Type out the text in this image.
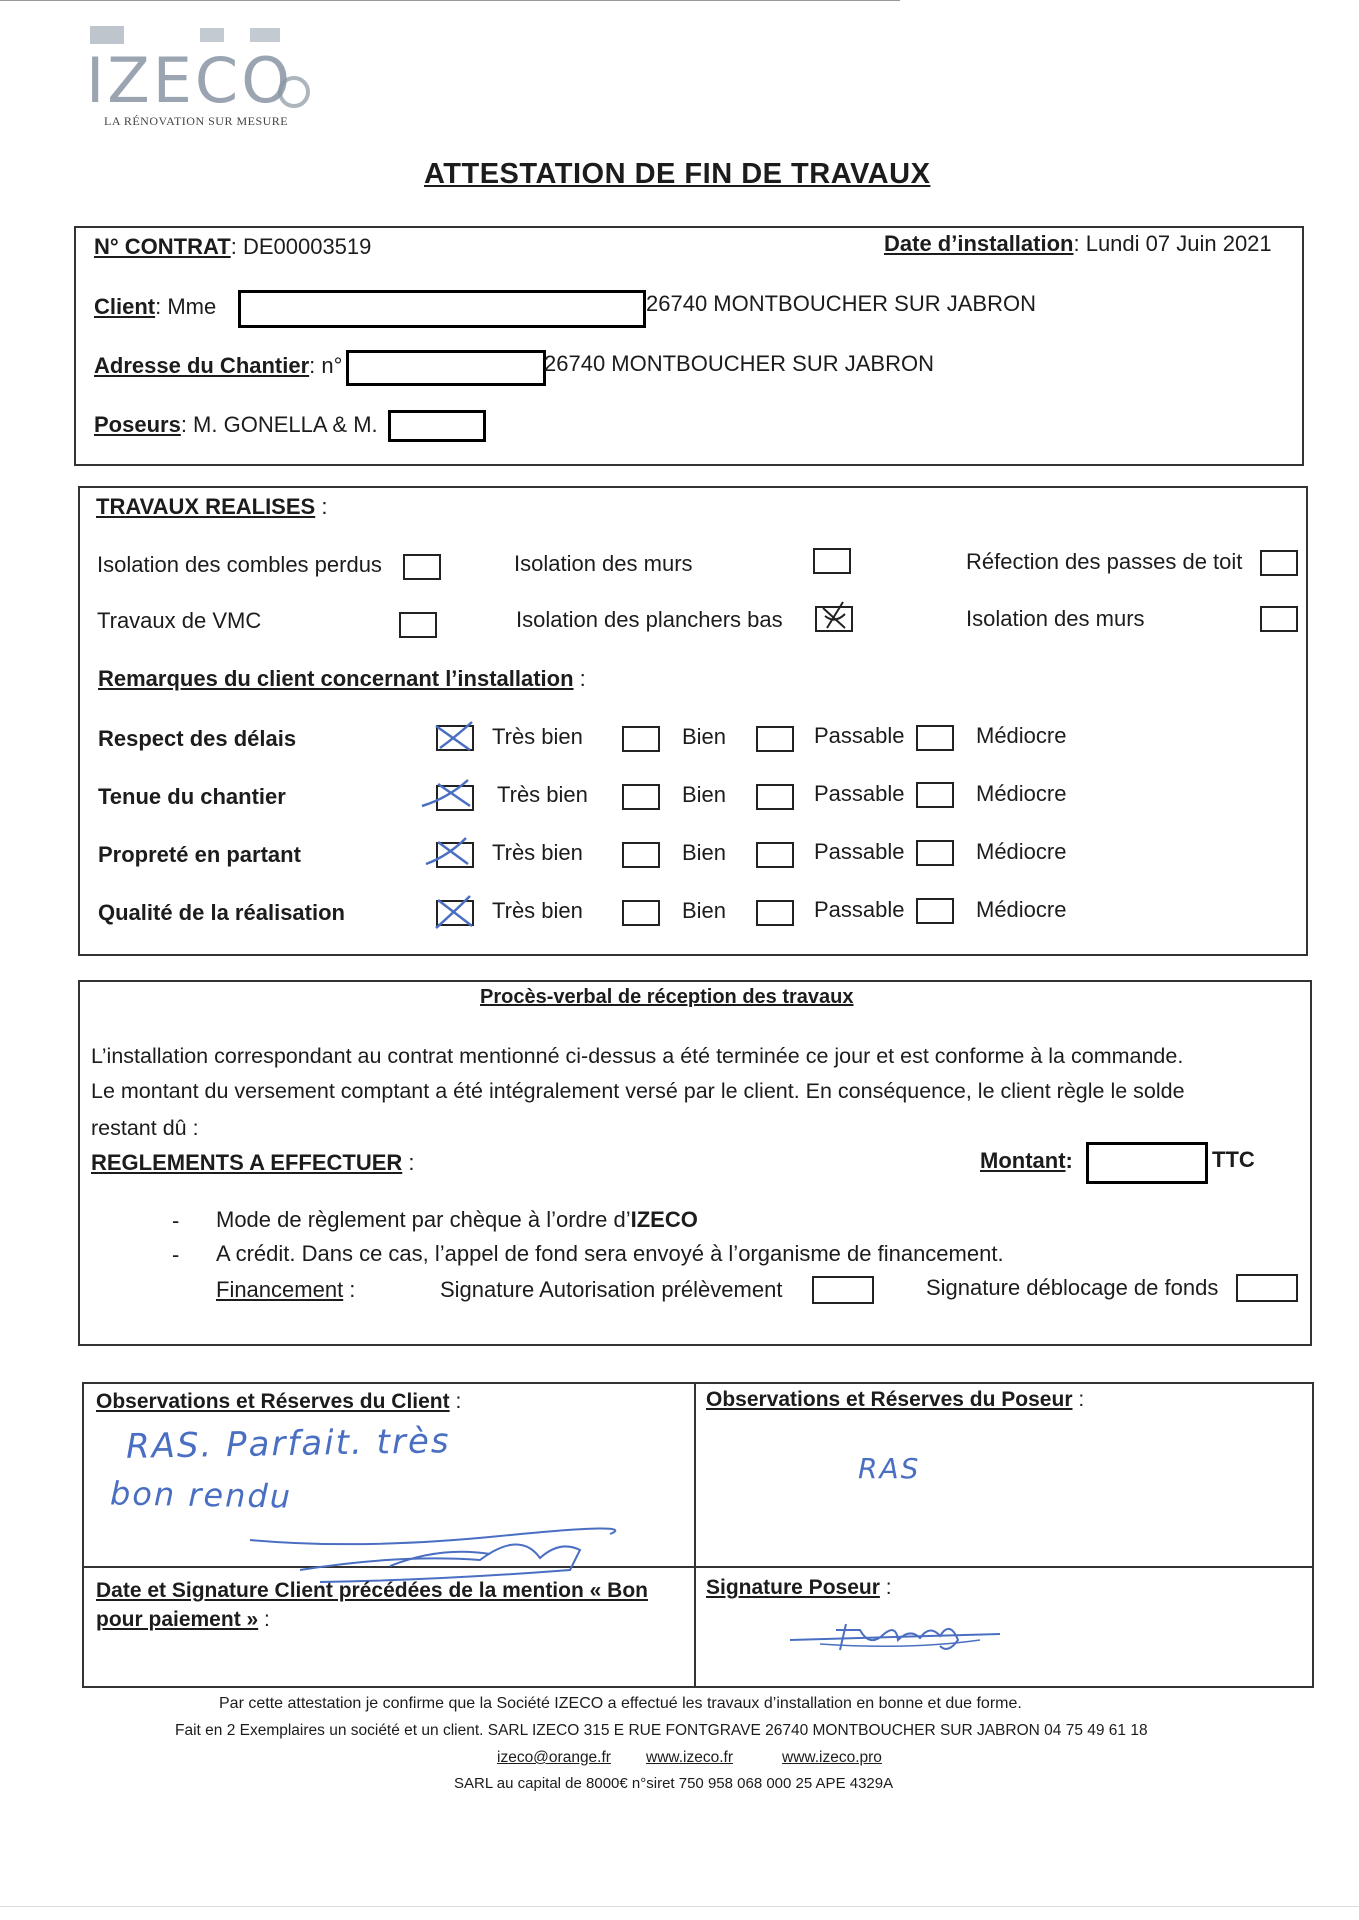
IZECO
LA RÉNOVATION SUR MESURE
ATTESTATION DE FIN DE TRAVAUX
N° CONTRAT: DE00003519	Date d’installation: Lundi 07 Juin 2021
Client: Mme	26740 MONTBOUCHER SUR JABRON
Adresse du Chantier: n°	26740 MONTBOUCHER SUR JABRON
Poseurs: M. GONELLA & M.
TRAVAUX REALISES :
Isolation des combles perdus	Isolation des murs	Réfection des passes de toit
Travaux de VMC	Isolation des planchers bas	Isolation des murs
Remarques du client concernant l’installation :
Respect des délais	Très bien	Bien	Passable	Médiocre
Tenue du chantier	Très bien	Bien	Passable	Médiocre
Propreté en partant	Très bien	Bien	Passable	Médiocre
Qualité de la réalisation	Très bien	Bien	Passable	Médiocre
Procès-verbal de réception des travaux
L’installation correspondant au contrat mentionné ci-dessus a été terminée ce jour et est conforme à la commande.
Le montant du versement comptant a été intégralement versé par le client. En conséquence, le client règle le solde
restant dû :
REGLEMENTS A EFFECTUER :	Montant:	TTC
- Mode de règlement par chèque à l’ordre d’IZECO
- A crédit. Dans ce cas, l’appel de fond sera envoyé à l’organisme de financement.
Financement :	Signature Autorisation prélèvement	Signature déblocage de fonds
Observations et Réserves du Client :
RAS. Parfait. très
bon rendu
Observations et Réserves du Poseur :
RAS
Date et Signature Client précédées de la mention « Bon
pour paiement » :
Signature Poseur :
Par cette attestation je confirme que la Société IZECO a effectué les travaux d’installation en bonne et due forme.
Fait en 2 Exemplaires un société et un client. SARL IZECO 315 E RUE FONTGRAVE 26740 MONTBOUCHER SUR JABRON 04 75 49 61 18
izeco@orange.fr www.izeco.fr	www.izeco.pro
SARL au capital de 8000€ n°siret 750 958 068 000 25 APE 4329A
